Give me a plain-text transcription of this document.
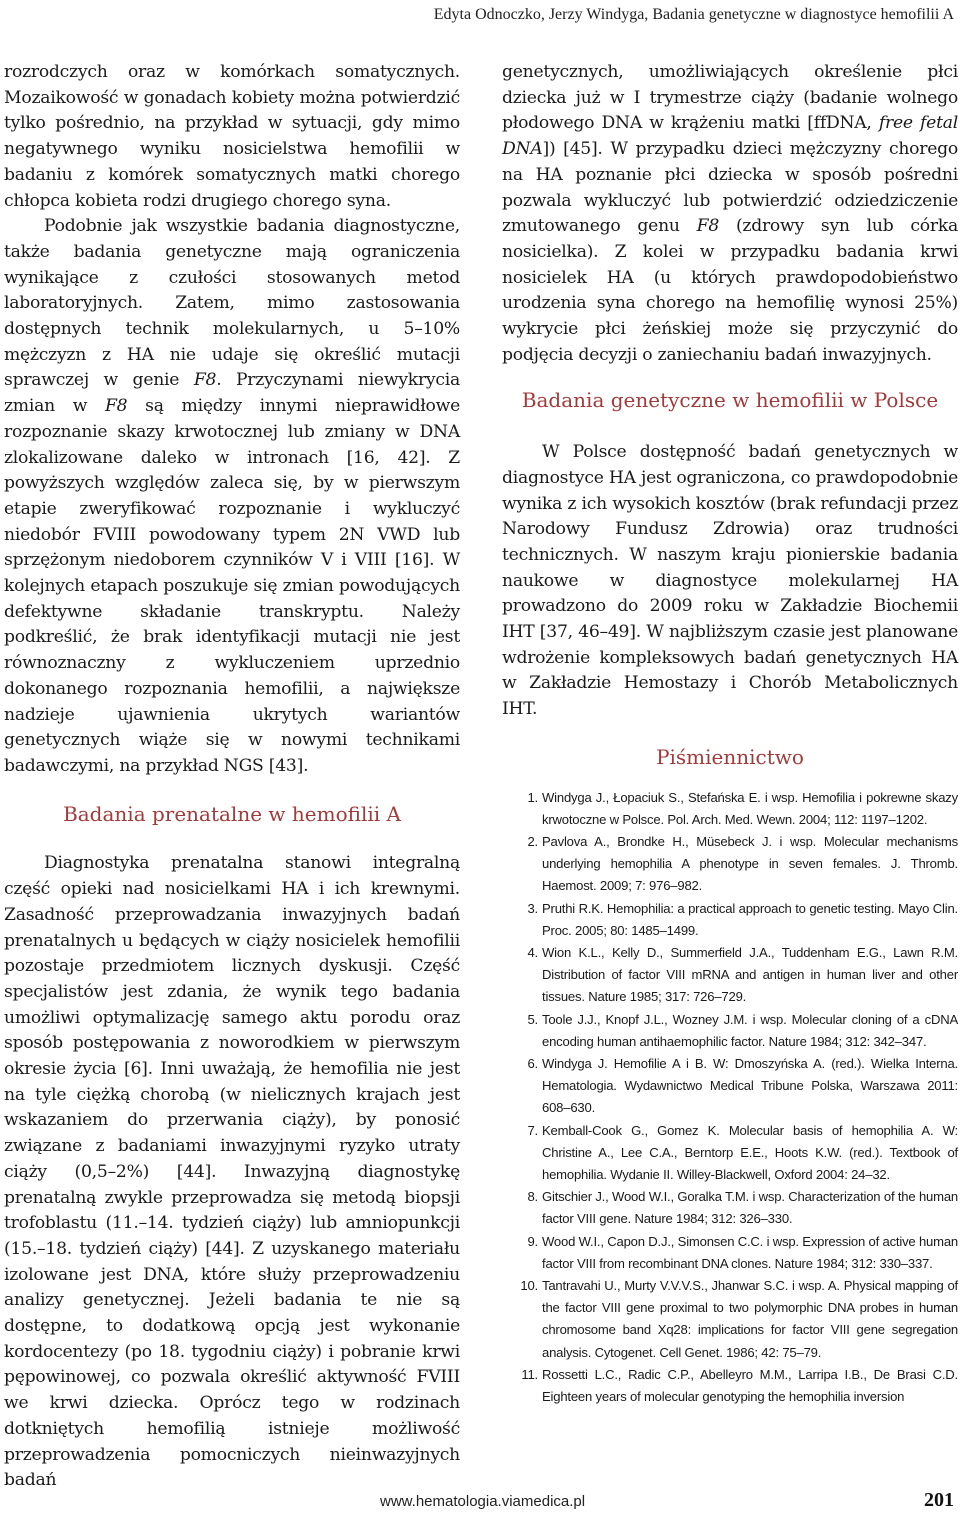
Edyta Odnoczko, Jerzy Windyga, Badania genetyczne w diagnostyce hemofilii A

rozrodczych oraz w komórkach somatycznych. Mozaikowość w gonadach kobiety można potwierdzić tylko pośrednio, na przykład w sytuacji, gdy mimo negatywnego wyniku nosicielstwa hemofilii w badaniu z komórek somatycznych matki chorego chłopca kobieta rodzi drugiego chorego syna.

Podobnie jak wszystkie badania diagnostyczne, także badania genetyczne mają ograniczenia wynikające z czułości stosowanych metod laboratoryjnych. Zatem, mimo zastosowania dostępnych technik molekularnych, u 5–10% mężczyzn z HA nie udaje się określić mutacji sprawczej w genie F8. Przyczynami niewykrycia zmian w F8 są między innymi nieprawidłowe rozpoznanie skazy krwotocznej lub zmiany w DNA zlokalizowane daleko w intronach [16, 42]. Z powyższych względów zaleca się, by w pierwszym etapie zweryfikować rozpoznanie i wykluczyć niedobór FVIII powodowany typem 2N VWD lub sprzężonym niedoborem czynników V i VIII [16]. W kolejnych etapach poszukuje się zmian powodujących defektywne składanie transkryptu. Należy podkreślić, że brak identyfikacji mutacji nie jest równoznaczny z wykluczeniem uprzednio dokonanego rozpoznania hemofilii, a największe nadzieje ujawnienia ukrytych wariantów genetycznych wiąże się w nowymi technikami badawczymi, na przykład NGS [43].

Badania prenatalne w hemofilii A

Diagnostyka prenatalna stanowi integralną część opieki nad nosicielkami HA i ich krewnymi. Zasadność przeprowadzania inwazyjnych badań prenatalnych u będących w ciąży nosicielek hemofilii pozostaje przedmiotem licznych dyskusji. Część specjalistów jest zdania, że wynik tego badania umożliwi optymalizację samego aktu porodu oraz sposób postępowania z noworodkiem w pierwszym okresie życia [6]. Inni uważają, że hemofilia nie jest na tyle ciężką chorobą (w nielicznych krajach jest wskazaniem do przerwania ciąży), by ponosić związane z badaniami inwazyjnymi ryzyko utraty ciąży (0,5–2%) [44]. Inwazyjną diagnostykę prenatalną zwykle przeprowadza się metodą biopsji trofoblastu (11.–14. tydzień ciąży) lub amniopunkcji (15.–18. tydzień ciąży) [44]. Z uzyskanego materiału izolowane jest DNA, które służy przeprowadzeniu analizy genetycznej. Jeżeli badania te nie są dostępne, to dodatkową opcją jest wykonanie kordocentezy (po 18. tygodniu ciąży) i pobranie krwi pępowinowej, co pozwala określić aktywność FVIII we krwi dziecka. Oprócz tego w rodzinach dotkniętych hemofilią istnieje możliwość przeprowadzenia pomocniczych nieinwazyjnych badań

genetycznych, umożliwiających określenie płci dziecka już w I trymestrze ciąży (badanie wolnego płodowego DNA w krążeniu matki [ffDNA, free fetal DNA]) [45]. W przypadku dzieci mężczyzny chorego na HA poznanie płci dziecka w sposób pośredni pozwala wykluczyć lub potwierdzić odziedziczenie zmutowanego genu F8 (zdrowy syn lub córka nosicielka). Z kolei w przypadku badania krwi nosicielek HA (u których prawdopodobieństwo urodzenia syna chorego na hemofilię wynosi 25%) wykrycie płci żeńskiej może się przyczynić do podjęcia decyzji o zaniechaniu badań inwazyjnych.

Badania genetyczne w hemofilii w Polsce

W Polsce dostępność badań genetycznych w diagnostyce HA jest ograniczona, co prawdopodobnie wynika z ich wysokich kosztów (brak refundacji przez Narodowy Fundusz Zdrowia) oraz trudności technicznych. W naszym kraju pionierskie badania naukowe w diagnostyce molekularnej HA prowadzono do 2009 roku w Zakładzie Biochemii IHT [37, 46–49]. W najbliższym czasie jest planowane wdrożenie kompleksowych badań genetycznych HA w Zakładzie Hemostazy i Chorób Metabolicznych IHT.

Piśmiennictwo
1. Windyga J., Łopaciuk S., Stefańska E. i wsp. Hemofilia i pokrewne skazy krwotoczne w Polsce. Pol. Arch. Med. Wewn. 2004; 112: 1197–1202.
2. Pavlova A., Brondke H., Müsebeck J. i wsp. Molecular mechanisms underlying hemophilia A phenotype in seven females. J. Thromb. Haemost. 2009; 7: 976–982.
3. Pruthi R.K. Hemophilia: a practical approach to genetic testing. Mayo Clin. Proc. 2005; 80: 1485–1499.
4. Wion K.L., Kelly D., Summerfield J.A., Tuddenham E.G., Lawn R.M. Distribution of factor VIII mRNA and antigen in human liver and other tissues. Nature 1985; 317: 726–729.
5. Toole J.J., Knopf J.L., Wozney J.M. i wsp. Molecular cloning of a cDNA encoding human antihaemophilic factor. Nature 1984; 312: 342–347.
6. Windyga J. Hemofilie A i B. W: Dmoszyńska A. (red.). Wielka Interna. Hematologia. Wydawnictwo Medical Tribune Polska, Warszawa 2011: 608–630.
7. Kemball-Cook G., Gomez K. Molecular basis of hemophilia A. W: Christine A., Lee C.A., Berntorp E.E., Hoots K.W. (red.). Textbook of hemophilia. Wydanie II. Willey-Blackwell, Oxford 2004: 24–32.
8. Gitschier J., Wood W.I., Goralka T.M. i wsp. Characterization of the human factor VIII gene. Nature 1984; 312: 326–330.
9. Wood W.I., Capon D.J., Simonsen C.C. i wsp. Expression of active human factor VIII from recombinant DNA clones. Nature 1984; 312: 330–337.
10. Tantravahi U., Murty V.V.V.S., Jhanwar S.C. i wsp. A. Physical mapping of the factor VIII gene proximal to two polymorphic DNA probes in human chromosome band Xq28: implications for factor VIII gene segregation analysis. Cytogenet. Cell Genet. 1986; 42: 75–79.
11. Rossetti L.C., Radic C.P., Abelleyro M.M., Larripa I.B., De Brasi C.D. Eighteen years of molecular genotyping the hemophilia inversion
www.hematologia.viamedica.pl	201
